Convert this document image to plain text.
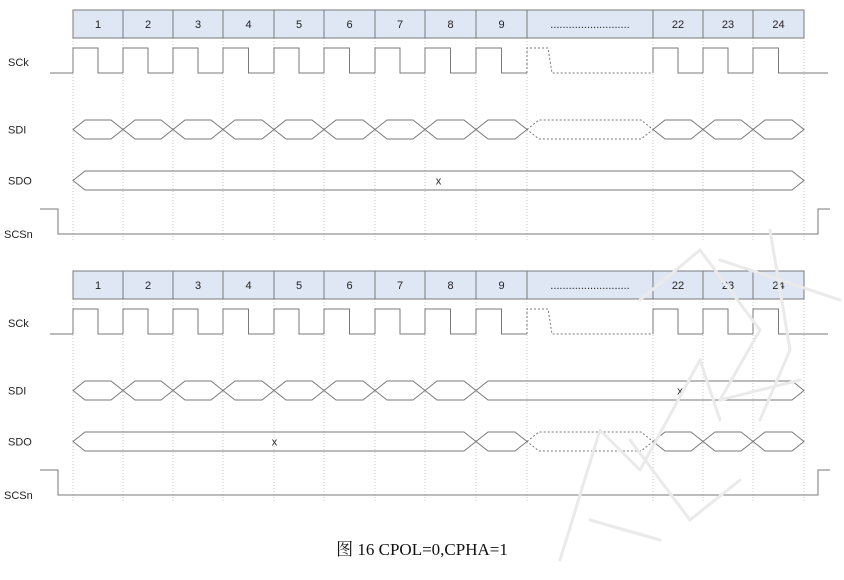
1	2	3	4	5	6	7	8	9	..........................	22	23	24
SCk
SDI
SDO
SCSn
x
1	2	3	4	5	6	7	8	9	..........................	22	23	24
SCk
SDI
SDO
SCSn
x
x
图 16 CPOL=0,CPHA=1
